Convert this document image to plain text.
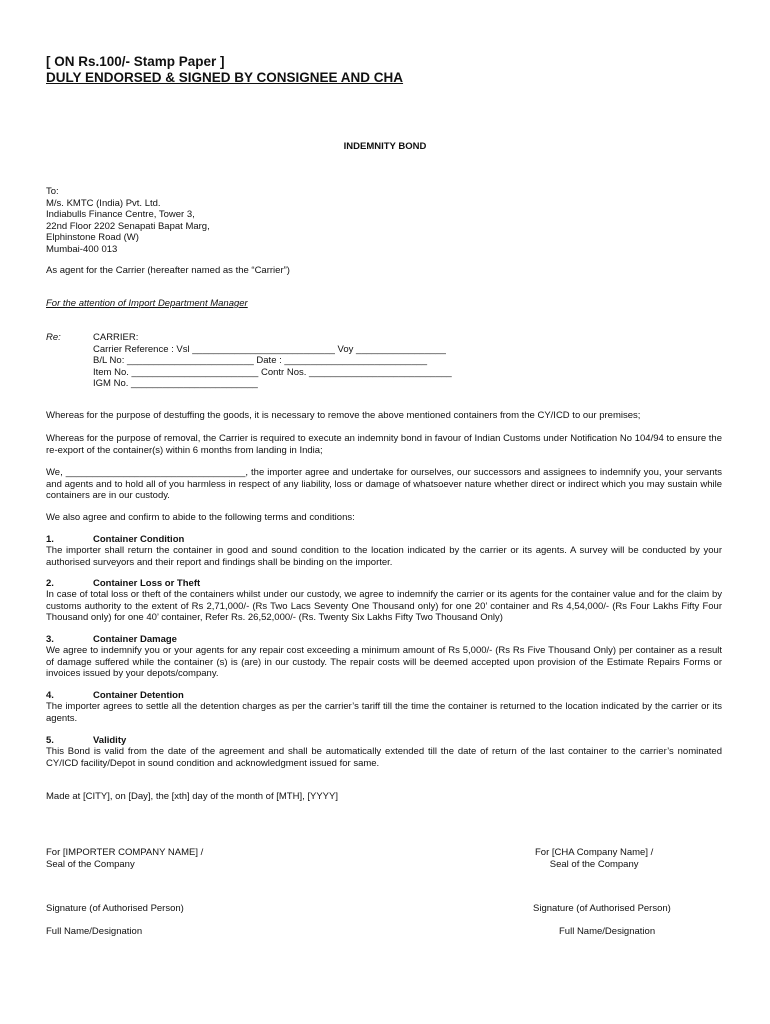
[ ON Rs.100/- Stamp Paper ]
DULY ENDORSED & SIGNED BY CONSIGNEE AND CHA
INDEMNITY BOND
To:
M/s. KMTC (India) Pvt. Ltd.
Indiabulls Finance Centre, Tower 3,
22nd Floor 2202 Senapati Bapat Marg,
Elphinstone Road (W)
Mumbai-400 013
As agent for the Carrier (hereafter named as the “Carrier”)
For the attention of Import Department Manager
Re:	CARRIER:
Carrier Reference : Vsl ___________________________ Voy _________________
B/L No: ________________________ Date : ___________________________
Item No. ________________________ Contr Nos. ___________________________
IGM No. ________________________
Whereas for the purpose of destuffing the goods, it is necessary to remove the above mentioned containers from the CY/ICD to our premises;
Whereas for the purpose of removal, the Carrier is required to execute an indemnity bond in favour of Indian Customs under Notification No 104/94 to ensure the re-export of the container(s) within 6 months from landing in India;
We, __________________________________, the importer agree and undertake for ourselves, our successors and assignees to indemnify you, your servants and agents and to hold all of you harmless in respect of any liability, loss or damage of whatsoever nature whether direct or indirect which you may sustain while containers are in our custody.
We also agree and confirm to abide to the following terms and conditions:
1.	Container Condition
The importer shall return the container in good and sound condition to the location indicated by the carrier or its agents. A survey will be conducted by your authorised surveyors and their report and findings shall be binding on the importer.
2.	Container Loss or Theft
In case of total loss or theft of the containers whilst under our custody, we agree to indemnify the carrier or its agents for the container value and for the claim by customs authority to the extent of Rs 2,71,000/- (Rs Two Lacs Seventy One Thousand only) for one 20’ container and Rs 4,54,000/- (Rs Four Lakhs Fifty Four Thousand only) for one 40’ container, Refer Rs. 26,52,000/- (Rs. Twenty Six Lakhs Fifty Two Thousand Only)
3.	Container Damage
We agree to indemnify you or your agents for any repair cost exceeding a minimum amount of Rs 5,000/- (Rs Rs Five Thousand Only) per container as a result of damage suffered while the container (s) is (are) in our custody. The repair costs will be deemed accepted upon provision of the Estimate Repairs Forms or invoices issued by your depots/company.
4.	Container Detention
The importer agrees to settle all the detention charges as per the carrier’s tariff till the time the container is returned to the location indicated by the carrier or its agents.
5.	Validity
This Bond is valid from the date of the agreement and shall be automatically extended till the date of return of the last container to the carrier’s nominated CY/ICD facility/Depot in sound condition and acknowledgment issued for same.
Made at [CITY], on [Day], the [xth] day of the month of [MTH], [YYYY]
For [IMPORTER COMPANY NAME] /
Seal of the Company
Signature (of Authorised Person)
Full Name/Designation
For [CHA Company Name] /
Seal of the Company
Signature (of Authorised Person)
Full Name/Designation
